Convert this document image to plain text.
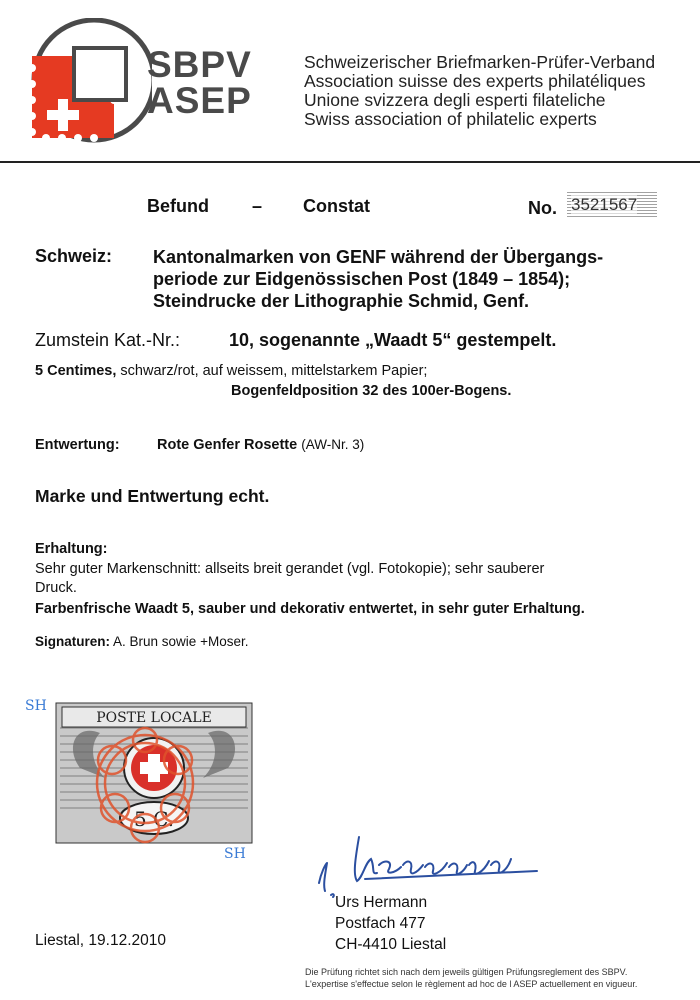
SBPV
ASEP
Schweizerischer Briefmarken-Prüfer-Verband
Association suisse des experts philatéliques
Unione svizzera degli esperti filateliche
Swiss association of philatelic experts
Befund – Constat	No. 3521567
Schweiz: Kantonalmarken von GENF während der Übergangs-
periode zur Eidgenössischen Post (1849 – 1854);
Steindrucke der Lithographie Schmid, Genf.
Zumstein Kat.-Nr.:	10, sogenannte „Waadt 5“ gestempelt.
5 Centimes, schwarz/rot, auf weissem, mittelstarkem Papier;
Bogenfeldposition 32 des 100er-Bogens.
Entwertung:	Rote Genfer Rosette (AW-Nr. 3)
Marke und Entwertung echt.
Erhaltung:
Sehr guter Markenschnitt: allseits breit gerandet (vgl. Fotokopie); sehr sauberer
Druck.
Farbenfrische Waadt 5, sauber und dekorativ entwertet, in sehr guter Erhaltung.
Signaturen: A. Brun sowie +Moser.
SH
POSTE LOCALE
5 C.
SH
Urs Hermann
Postfach 477
CH-4410 Liestal
Liestal, 19.12.2010
Die Prüfung richtet sich nach dem jeweils gültigen Prüfungsreglement des SBPV.
L'expertise s'effectue selon le règlement ad hoc de l ASEP actuellement en vigueur.
